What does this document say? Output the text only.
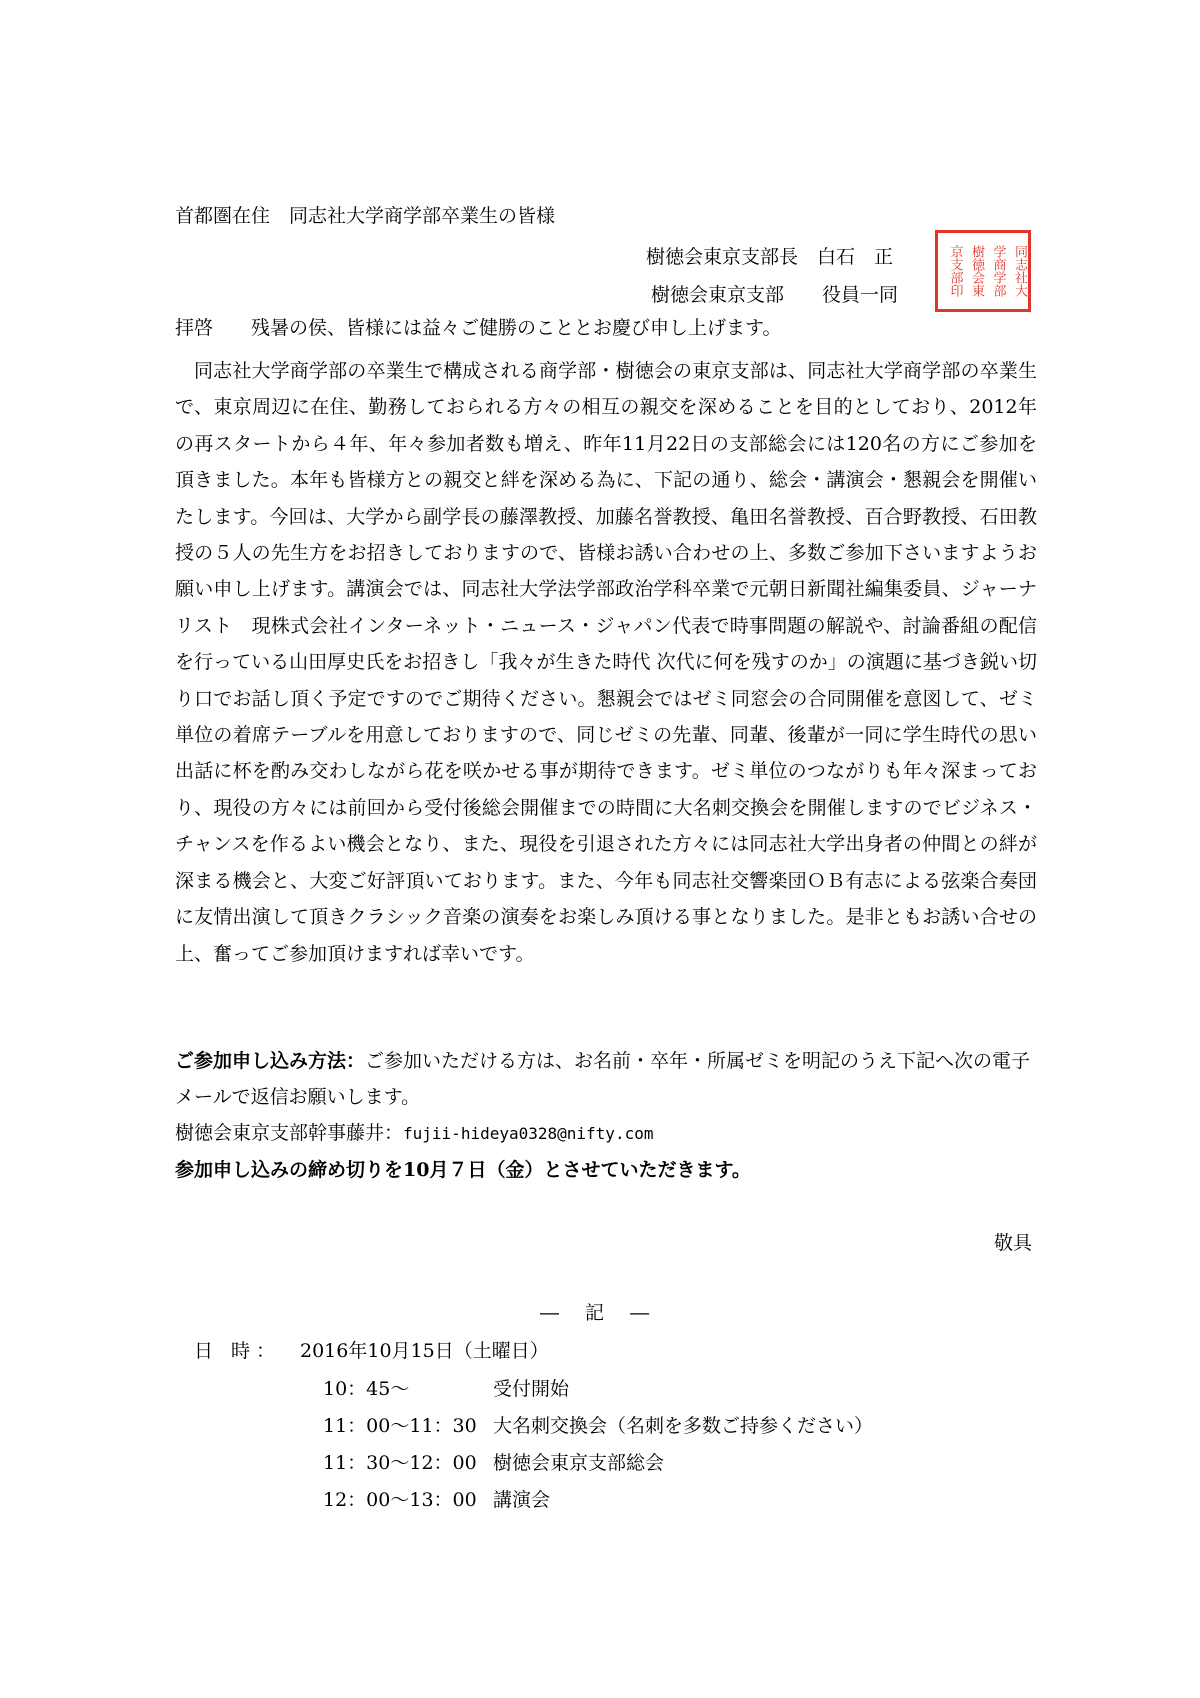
首都圏在住　同志社大学商学部卒業生の皆様
樹徳会東京支部長　白石　正
樹徳会東京支部　　役員一同	京支部印 樹徳会東 学商学部 同志社大
拝啓　　残暑の侯、皆様には益々ご健勝のこととお慶び申し上げます。
同志社大学商学部の卒業生で構成される商学部・樹徳会の東京支部は、同志社大学商学部の卒業生で、東京周辺に在住、勤務しておられる方々の相互の親交を深めることを目的としており、2012年の再スタートから４年、年々参加者数も増え、昨年11月22日の支部総会には120名の方にご参加を頂きました。本年も皆様方との親交と絆を深める為に、下記の通り、総会・講演会・懇親会を開催いたします。今回は、大学から副学長の藤澤教授、加藤名誉教授、亀田名誉教授、百合野教授、石田教授の５人の先生方をお招きしておりますので、皆様お誘い合わせの上、多数ご参加下さいますようお願い申し上げます。講演会では、同志社大学法学部政治学科卒業で元朝日新聞社編集委員、ジャーナリスト　現株式会社インターネット・ニュース・ジャパン代表で時事問題の解説や、討論番組の配信を行っている山田厚史氏をお招きし「我々が生きた時代 次代に何を残すのか」の演題に基づき鋭い切り口でお話し頂く予定ですのでご期待ください。懇親会ではゼミ同窓会の合同開催を意図して、ゼミ単位の着席テーブルを用意しておりますので、同じゼミの先輩、同輩、後輩が一同に学生時代の思い出話に杯を酌み交わしながら花を咲かせる事が期待できます。ゼミ単位のつながりも年々深まっており、現役の方々には前回から受付後総会開催までの時間に大名刺交換会を開催しますのでビジネス・チャンスを作るよい機会となり、また、現役を引退された方々には同志社大学出身者の仲間との絆が深まる機会と、大変ご好評頂いております。また、今年も同志社交響楽団ＯＢ有志による弦楽合奏団に友情出演して頂きクラシック音楽の演奏をお楽しみ頂ける事となりました。是非ともお誘い合せの上、奮ってご参加頂けますれば幸いです。
ご参加申し込み方法：ご参加いただける方は、お名前・卒年・所属ゼミを明記のうえ下記へ次の電子メールで返信お願いします。
樹徳会東京支部幹事藤井：fujii-hideya0328@nifty.com
参加申し込みの締め切りを10月７日（金）とさせていただきます。
敬具
― 記 ―
日 時： 2016年10月15日（土曜日）
10：45～	受付開始
11：00～11：30 大名刺交換会（名刺を多数ご持参ください）
11：30～12：00 樹徳会東京支部総会
12：00～13：00 講演会
